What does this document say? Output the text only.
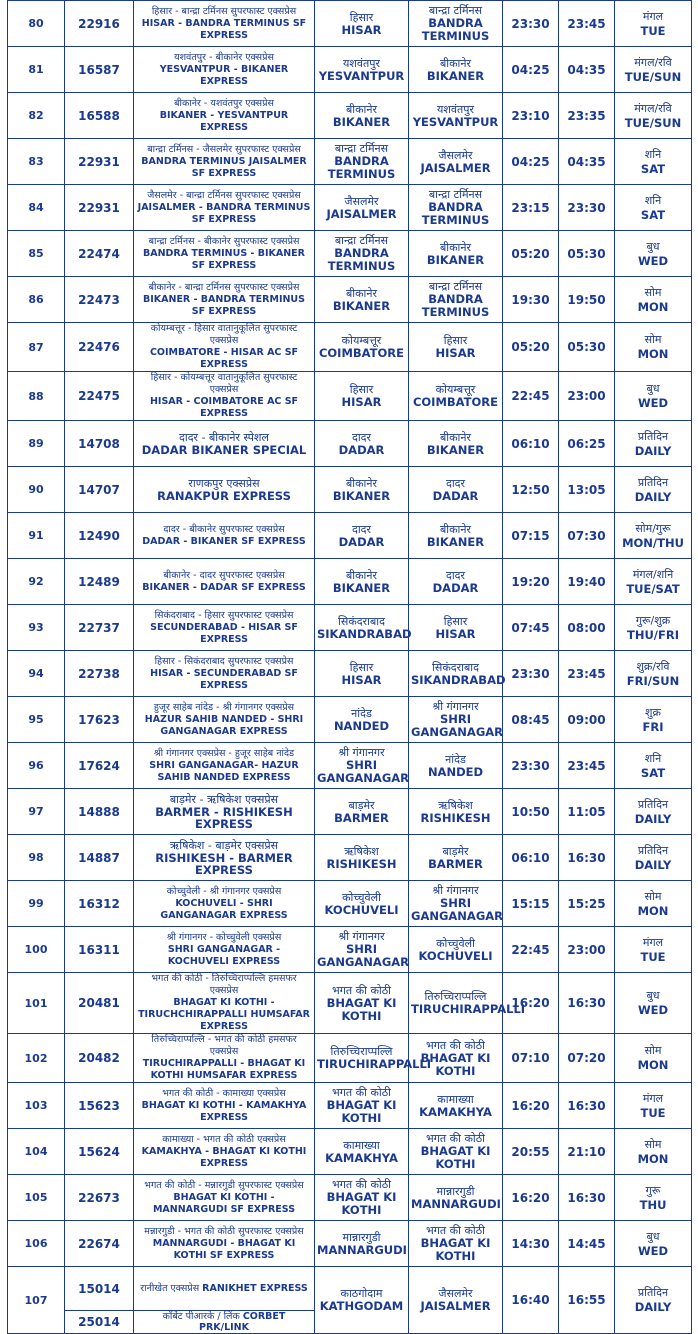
80	22916	हिसार - बान्द्रा टर्मिनस सुपरफास्ट एक्सप्रेस
HISAR - BANDRA TERMINUS SF EXPRESS	हिसार
HISAR	बान्द्रा टर्मिनस
BANDRA TERMINUS	23:30	23:45	मंगल
TUE

81	16587	यशवंतपुर - बीकानेर एक्सप्रेस
YESVANTPUR - BIKANER EXPRESS	यशवंतपुर
YESVANTPUR	बीकानेर
BIKANER	04:25	04:35	मंगल/रवि
TUE/SUN

82	16588	बीकानेर - यशवंतपुर एक्सप्रेस
BIKANER - YESVANTPUR EXPRESS	बीकानेर
BIKANER	यशवंतपुर
YESVANTPUR	23:10	23:35	मंगल/रवि
TUE/SUN

83	22931	बान्द्रा टर्मिनस - जैसलमेर सुपरफास्ट एक्सप्रेस
BANDRA TERMINUS JAISALMER SF EXPRESS	बान्द्रा टर्मिनस
BANDRA TERMINUS	जैसलमेर
JAISALMER	04:25	04:35	शनि
SAT

84	22931	जैसलमेर - बान्द्रा टर्मिनस सुपरफास्ट एक्सप्रेस
JAISALMER - BANDRA TERMINUS SF EXPRESS	जैसलमेर
JAISALMER	बान्द्रा टर्मिनस
BANDRA TERMINUS	23:15	23:30	शनि
SAT

85	22474	बान्द्रा टर्मिनस - बीकानेर सुपरफास्ट एक्सप्रेस
BANDRA TERMINUS - BIKANER SF EXPRESS	बान्द्रा टर्मिनस
BANDRA TERMINUS	बीकानेर
BIKANER	05:20	05:30	बुध
WED

86	22473	बीकानेर - बान्द्रा टर्मिनस सुपरफास्ट एक्सप्रेस
BIKANER - BANDRA TERMINUS SF EXPRESS	बीकानेर
BIKANER	बान्द्रा टर्मिनस
BANDRA TERMINUS	19:30	19:50	सोम
MON

87	22476	कोयम्बत्तूर - हिसार वातानुकूलित सुपरफास्ट एक्सप्रेस
COIMBATORE - HISAR AC SF EXPRESS	कोयम्बत्तूर
COIMBATORE	हिसार
HISAR	05:20	05:30	सोम
MON

88	22475	हिसार - कोयम्बत्तूर वातानुकूलित सुपरफास्ट एक्सप्रेस
HISAR - COIMBATORE AC SF EXPRESS	हिसार
HISAR	कोयम्बत्तूर
COIMBATORE	22:45	23:00	बुध
WED

89	14708	दादर - बीकानेर स्पेशल
DADAR BIKANER SPECIAL	दादर
DADAR	बीकानेर
BIKANER	06:10	06:25	प्रतिदिन
DAILY

90	14707	राणकपुर एक्सप्रेस
RANAKPUR EXPRESS	बीकानेर
BIKANER	दादर
DADAR	12:50	13:05	प्रतिदिन
DAILY

91	12490	दादर - बीकानेर सुपरफास्ट एक्सप्रेस
DADAR - BIKANER SF EXPRESS	दादर
DADAR	बीकानेर
BIKANER	07:15	07:30	सोम/गुरू
MON/THU

92	12489	बीकानेर - दादर सुपरफास्ट एक्सप्रेस
BIKANER - DADAR SF EXPRESS	बीकानेर
BIKANER	दादर
DADAR	19:20	19:40	मंगल/शनि
TUE/SAT

93	22737	सिकंदराबाद - हिसार सुपरफास्ट एक्सप्रेस
SECUNDERABAD - HISAR SF EXPRESS	सिकंदराबाद
SIKANDRABAD	हिसार
HISAR	07:45	08:00	गुरू/शुक्र
THU/FRI

94	22738	हिसार - सिकंदराबाद सुपरफास्ट एक्सप्रेस
HISAR - SECUNDERABAD SF EXPRESS	हिसार
HISAR	सिकंदराबाद
SIKANDRABAD	23:30	23:45	शुक्र/रवि
FRI/SUN

95	17623	हुजूर साहेब नांदेड - श्री गंगानगर एक्सप्रेस
HAZUR SAHIB NANDED - SHRI GANGANAGAR EXPRESS	नांदेड
NANDED	श्री गंगानगर
SHRI GANGANAGAR	08:45	09:00	शुक्र
FRI

96	17624	श्री गंगानगर एक्सप्रेस - हुजूर साहेब नांदेड
SHRI GANGANAGAR- HAZUR SAHIB NANDED EXPRESS	श्री गंगानगर
SHRI GANGANAGAR	नांदेड
NANDED	23:30	23:45	शनि
SAT

97	14888	बाड़मेर - ऋषिकेश एक्सप्रेस
BARMER - RISHIKESH EXPRESS	बाड़मेर
BARMER	ऋषिकेश
RISHIKESH	10:50	11:05	प्रतिदिन
DAILY

98	14887	ऋषिकेश - बाड़मेर एक्सप्रेस
RISHIKESH - BARMER EXPRESS	ऋषिकेश
RISHIKESH	बाड़मेर
BARMER	06:10	16:30	प्रतिदिन
DAILY

99	16312	कोच्चुवेली - श्री गंगानगर एक्सप्रेस
KOCHUVELI - SHRI GANGANAGAR EXPRESS	कोच्चुवेली
KOCHUVELI	श्री गंगानगर
SHRI GANGANAGAR	15:15	15:25	सोम
MON

100	16311	श्री गंगानगर - कोच्चुवेली एक्सप्रेस
SHRI GANGANAGAR - KOCHUVELI EXPRESS	श्री गंगानगर
SHRI GANGANAGAR	कोच्चुवेली
KOCHUVELI	22:45	23:00	मंगल
TUE

101	20481	भगत की कोठी - तिरुच्चिराप्पल्लि हमसफर एक्सप्रेस
BHAGAT KI KOTHI - TIRUCHCHIRAPPALLI HUMSAFAR EXPRESS	भगत की कोठी
BHAGAT KI KOTHI	तिरुच्चिराप्पल्लि
TIRUCHIRAPPALLI	16:20	16:30	बुध
WED

102	20482	तिरुच्चिराप्पल्लि - भगत की कोठी हमसफर एक्सप्रेस
TIRUCHIRAPPALLI - BHAGAT KI KOTHI HUMSAFAR EXPRESS	तिरुच्चिराप्पल्लि
TIRUCHIRAPPALLI	भगत की कोठी
BHAGAT KI KOTHI	07:10	07:20	सोम
MON

103	15623	भगत की कोठी - कामाख्या एक्सप्रेस
BHAGAT KI KOTHI - KAMAKHYA EXPRESS	भगत की कोठी
BHAGAT KI KOTHI	कामाख्या
KAMAKHYA	16:20	16:30	मंगल
TUE

104	15624	कामाख्या - भगत की कोठी एक्सप्रेस
KAMAKHYA - BHAGAT KI KOTHI EXPRESS	कामाख्या
KAMAKHYA	भगत की कोठी
BHAGAT KI KOTHI	20:55	21:10	सोम
MON

105	22673	भगत की कोठी - मन्नारगुडी सुपरफास्ट एक्सप्रेस
BHAGAT KI KOTHI - MANNARGUDI SF EXPRESS	भगत की कोठी
BHAGAT KI KOTHI	मान्नारगुडी
MANNARGUDI	16:20	16:30	गुरू
THU

106	22674	मन्नारगुडी - भगत की कोठी सुपरफास्ट एक्सप्रेस
MANNARGUDI - BHAGAT KI KOTHI SF EXPRESS	मान्नारगुडी
MANNARGUDI	भगत की कोठी
BHAGAT KI KOTHI	14:30	14:45	बुध
WED

107	15014	रानीखेत एक्सप्रेस RANIKHET EXPRESS	काठगोदाम
KATHGODAM	जैसलमेर
JAISALMER	16:40	16:55	प्रतिदिन
DAILY

	25014	कॉर्बेट पीआरके / लिंक CORBET PRK/LINK					
